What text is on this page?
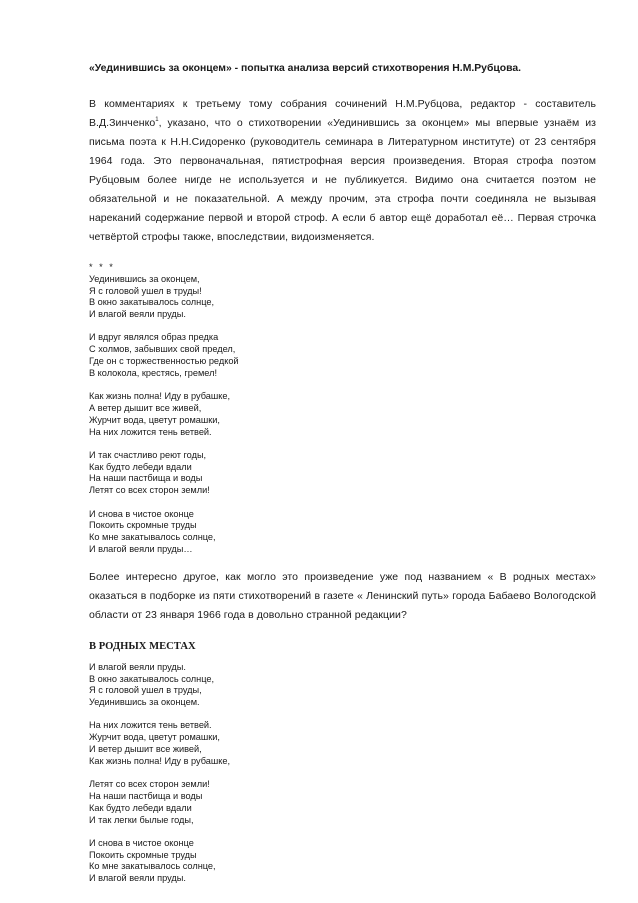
«Уединившись за оконцем» - попытка анализа версий стихотворения Н.М.Рубцова.

В комментариях к третьему тому собрания сочинений Н.М.Рубцова, редактор - составитель В.Д.Зинченко$^1$, указано, что о стихотворении «Уединившись за оконцем» мы впервые узнаём из письма поэта к Н.Н.Сидоренко (руководитель семинара в Литературном институте) от 23 сентября 1964 года. Это первоначальная, пятистрофная версия произведения. Вторая строфа поэтом Рубцовым более нигде не используется и не публикуется. Видимо она считается поэтом не обязательной и не показательной. А между прочим, эта строфа почти соединяла не вызывая нареканий содержание первой и второй строф. А если б автор ещё доработал её… Первая строчка четвёртой строфы также, впоследствии, видоизменяется.

* * *
Уединившись за оконцем,
Я с головой ушел в труды!
В окно закатывалось солнце,
И влагой веяли пруды.
И вдруг являлся образ предка
С холмов, забывших свой предел,
Где он с торжественностью редкой
В колокола, крестясь, гремел!
Как жизнь полна! Иду в рубашке,
А ветер дышит все живей,
Журчит вода, цветут ромашки,
На них ложится тень ветвей.
И так счастливо реют годы,
Как будто лебеди вдали
На наши пастбища и воды
Летят со всех сторон земли!
И снова в чистое оконце
Покоить скромные труды
Ко мне закатывалось солнце,
И влагой веяли пруды…

Более интересно другое, как могло это произведение уже под названием « В родных местах» оказаться в подборке из пяти стихотворений в газете « Ленинский путь» города Бабаево Вологодской области от 23 января 1966 года в довольно странной редакции?

В РОДНЫХ МЕСТАХ
И влагой веяли пруды.
В окно закатывалось солнце,
Я с головой ушел в труды,
Уединившись за оконцем.
На них ложится тень ветвей.
Журчит вода, цветут ромашки,
И ветер дышит все живей,
Как жизнь полна! Иду в рубашке,
Летят со всех сторон земли!
На наши пастбища и воды
Как будто лебеди вдали
И так легки былые годы,
И снова в чистое оконце
Покоить скромные труды
Ко мне закатывалось солнце,
И влагой веяли пруды.
